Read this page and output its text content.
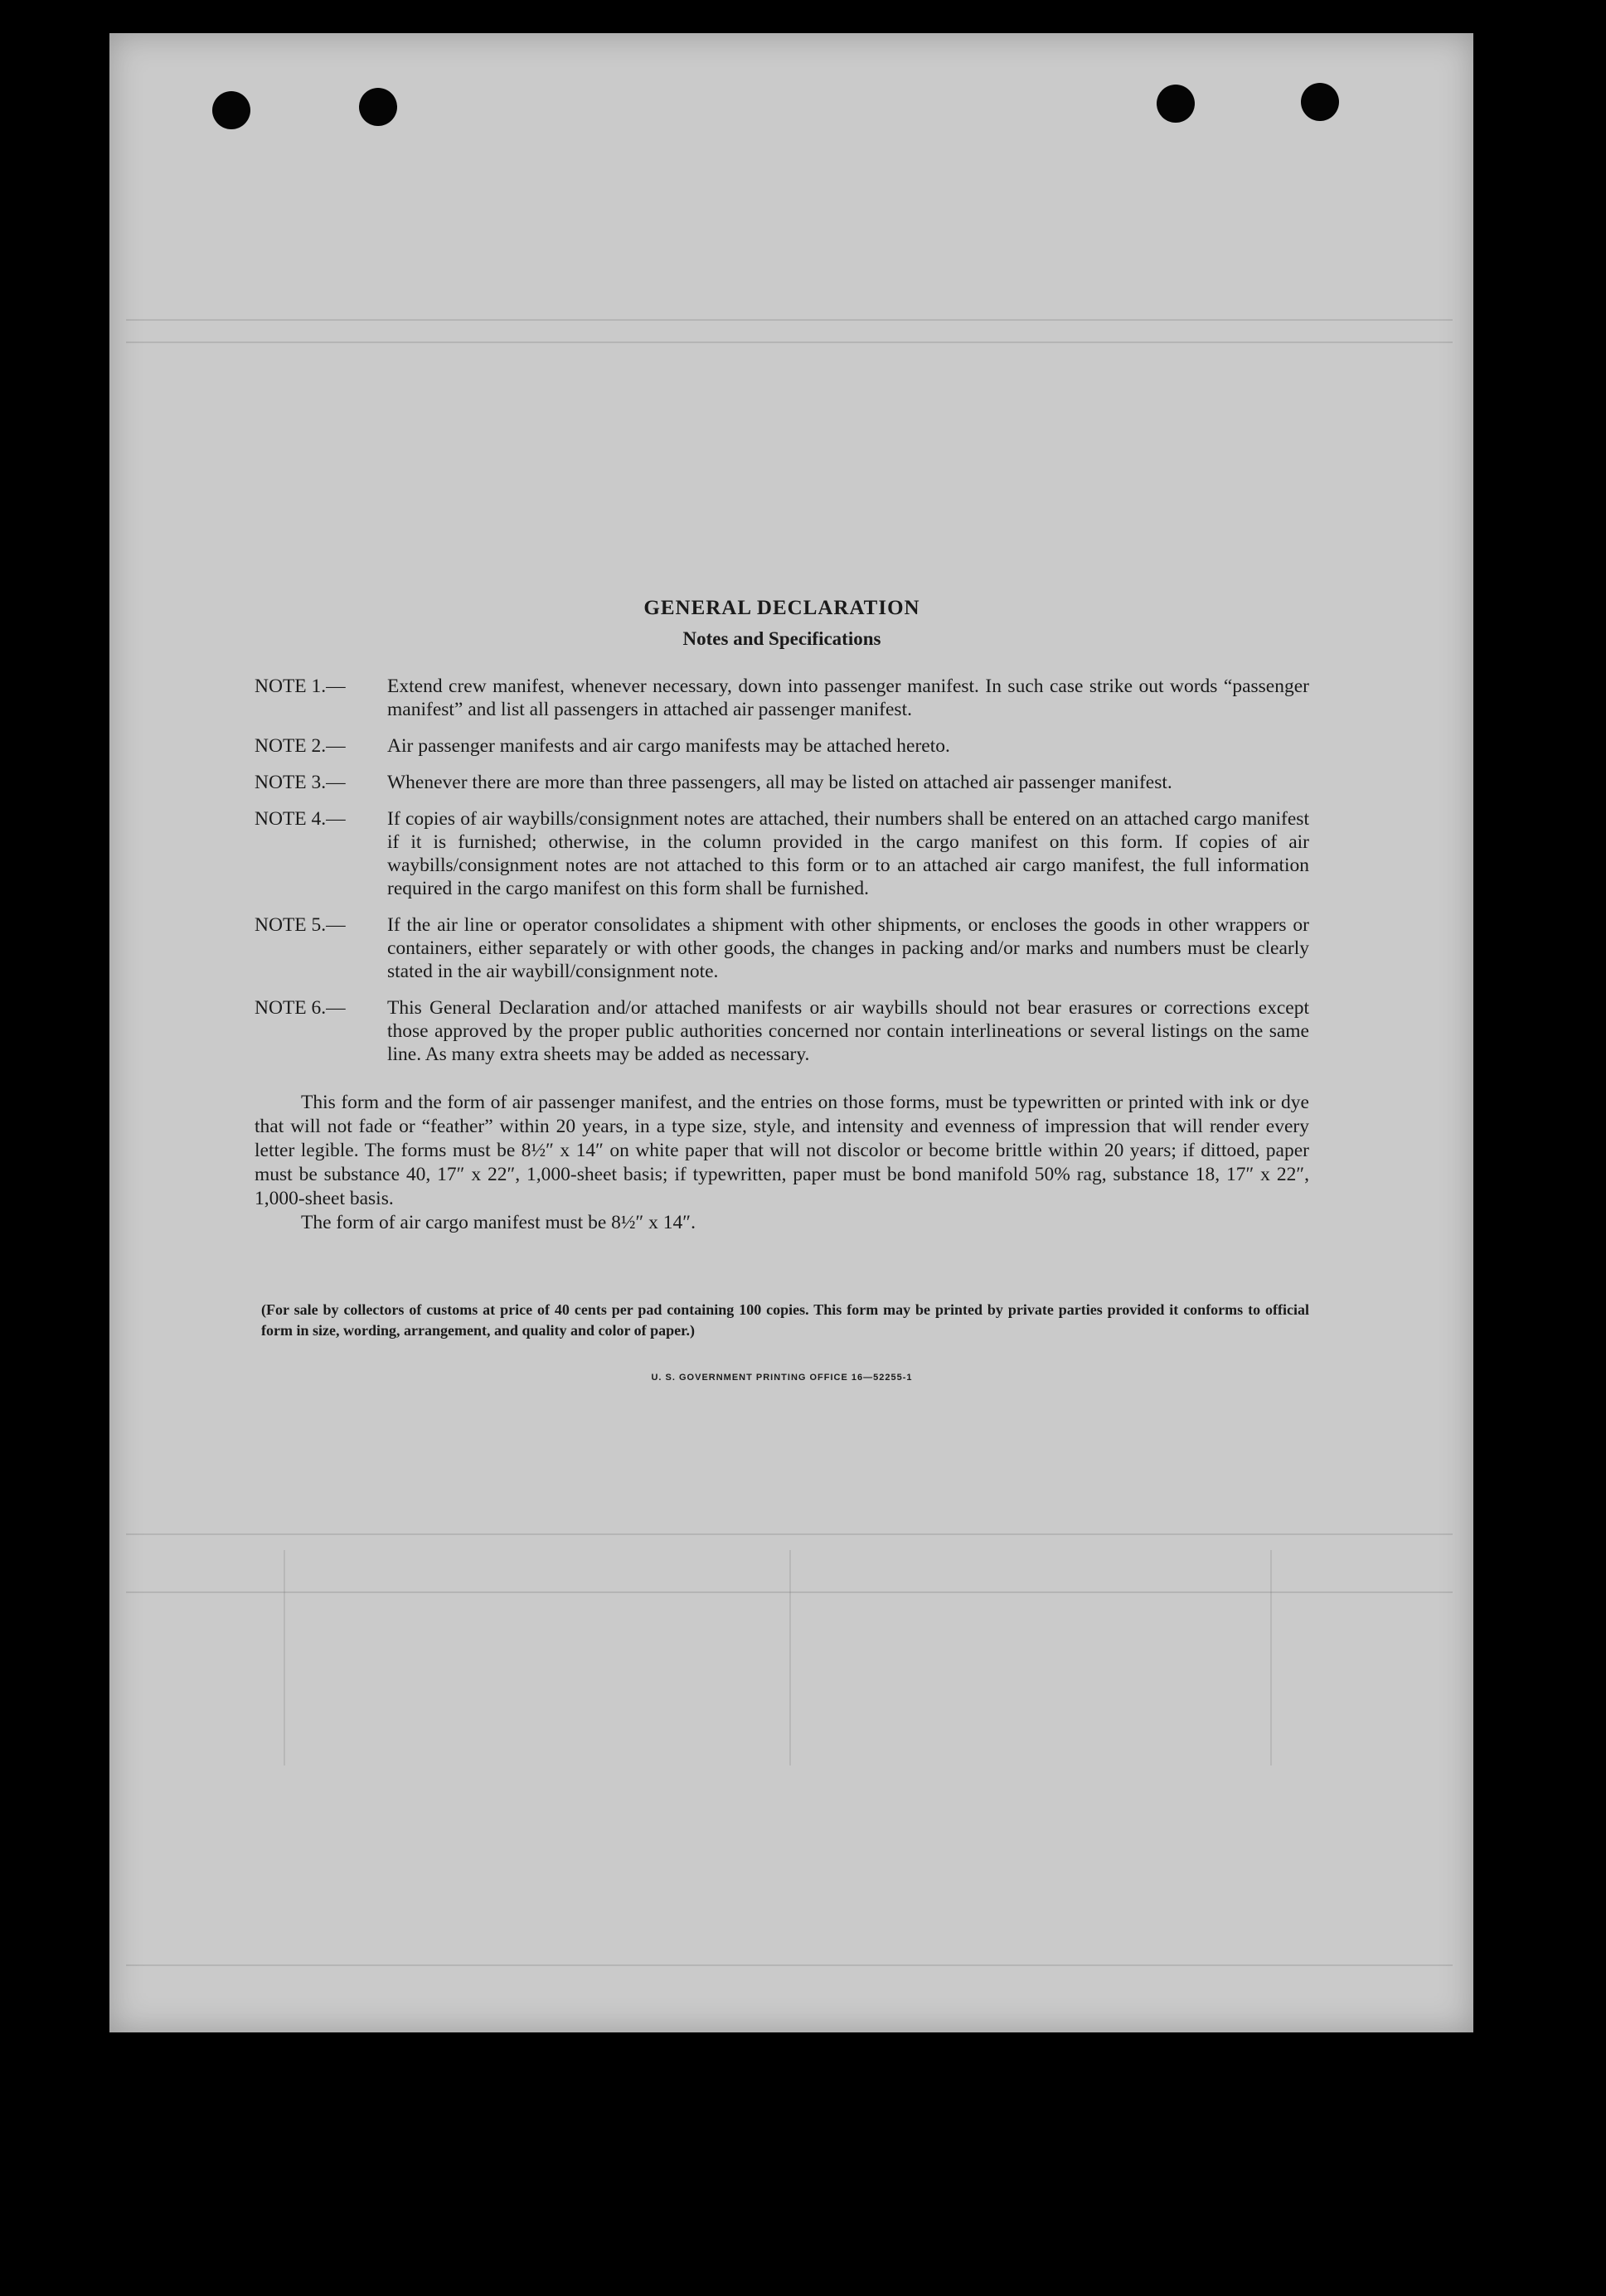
GENERAL DECLARATION
Notes and Specifications
NOTE 1.— Extend crew manifest, whenever necessary, down into passenger manifest. In such case strike out words “passenger manifest” and list all passengers in attached air passenger manifest.
NOTE 2.— Air passenger manifests and air cargo manifests may be attached hereto.
NOTE 3.— Whenever there are more than three passengers, all may be listed on attached air passenger manifest.
NOTE 4.— If copies of air waybills/consignment notes are attached, their numbers shall be entered on an attached cargo manifest if it is furnished; otherwise, in the column provided in the cargo manifest on this form. If copies of air waybills/consignment notes are not attached to this form or to an attached air cargo manifest, the full information required in the cargo manifest on this form shall be furnished.
NOTE 5.— If the air line or operator consolidates a shipment with other shipments, or encloses the goods in other wrappers or containers, either separately or with other goods, the changes in packing and/or marks and numbers must be clearly stated in the air waybill/consignment note.
NOTE 6.— This General Declaration and/or attached manifests or air waybills should not bear erasures or corrections except those approved by the proper public authorities concerned nor contain interlineations or several listings on the same line. As many extra sheets may be added as necessary.
This form and the form of air passenger manifest, and the entries on those forms, must be typewritten or printed with ink or dye that will not fade or “feather” within 20 years, in a type size, style, and intensity and evenness of impression that will render every letter legible. The forms must be 8½″ x 14″ on white paper that will not discolor or become brittle within 20 years; if dittoed, paper must be substance 40, 17″ x 22″, 1,000-sheet basis; if typewritten, paper must be bond manifold 50% rag, substance 18, 17″ x 22″, 1,000-sheet basis.
The form of air cargo manifest must be 8½″ x 14″.
(For sale by collectors of customs at price of 40 cents per pad containing 100 copies. This form may be printed by private parties provided it conforms to official form in size, wording, arrangement, and quality and color of paper.)
U. S. GOVERNMENT PRINTING OFFICE 16—52255-1
